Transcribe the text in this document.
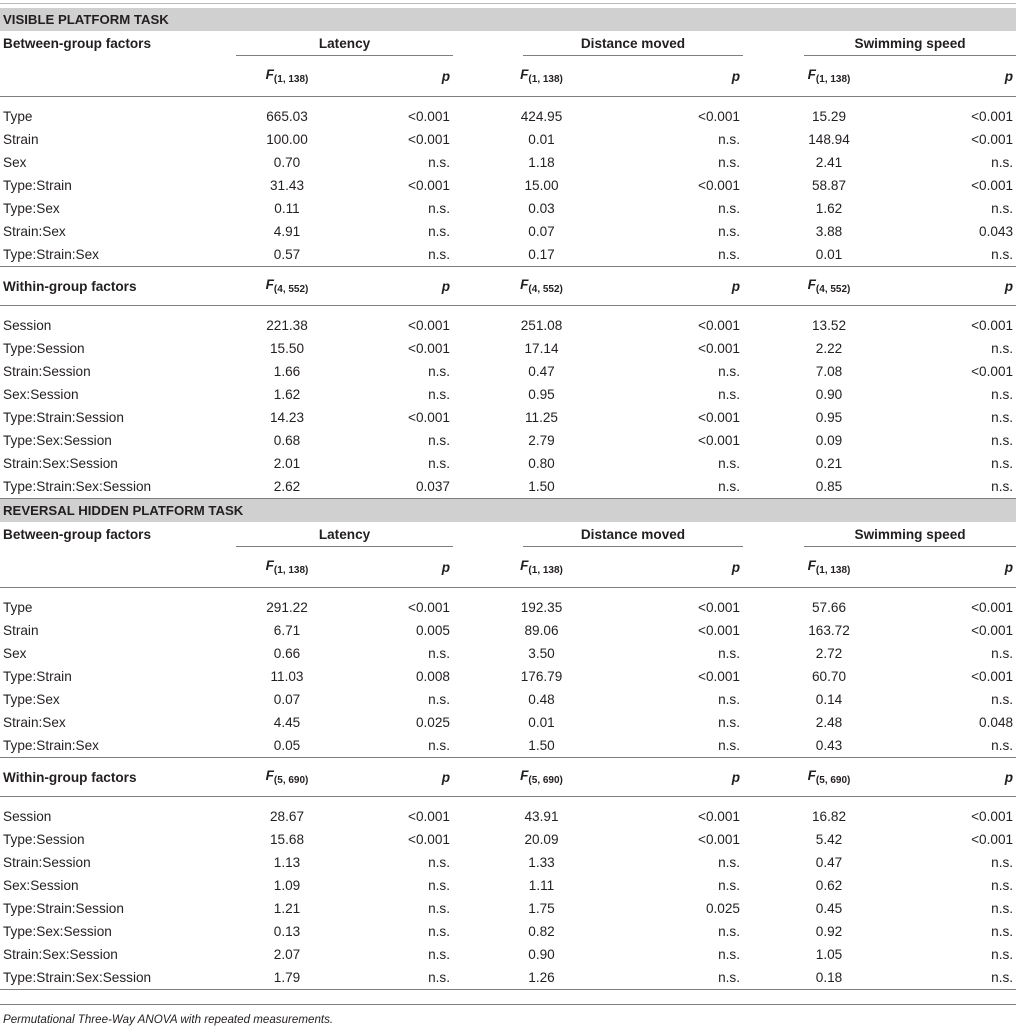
VISIBLE PLATFORM TASK								
Between-group factors	Latency			Distance moved			Swimming speed	
	$F_{(1, 138)}$	p	$F_{(1, 138)}$		p	$F_{(1, 138)}$		p

Type	665.03	<0.001	424.95		<0.001	15.29		<0.001
Strain	100.00	<0.001	0.01		n.s.	148.94		<0.001
Sex	0.70	n.s.	1.18		n.s.	2.41		n.s.
Type:Strain	31.43	<0.001	15.00		<0.001	58.87		<0.001
Type:Sex	0.11	n.s.	0.03		n.s.	1.62		n.s.
Strain:Sex	4.91	n.s.	0.07		n.s.	3.88		0.043
Type:Strain:Sex	0.57	n.s.	0.17		n.s.	0.01		n.s.
Within-group factors	$F_{(4, 552)}$	p	$F_{(4, 552)}$		p	$F_{(4, 552)}$		p

Session	221.38	<0.001	251.08		<0.001	13.52		<0.001
Type:Session	15.50	<0.001	17.14		<0.001	2.22		n.s.
Strain:Session	1.66	n.s.	0.47		n.s.	7.08		<0.001
Sex:Session	1.62	n.s.	0.95		n.s.	0.90		n.s.
Type:Strain:Session	14.23	<0.001	11.25		<0.001	0.95		n.s.
Type:Sex:Session	0.68	n.s.	2.79		<0.001	0.09		n.s.
Strain:Sex:Session	2.01	n.s.	0.80		n.s.	0.21		n.s.
Type:Strain:Sex:Session	2.62	0.037	1.50		n.s.	0.85		n.s.
REVERSAL HIDDEN PLATFORM TASK								
Between-group factors	Latency			Distance moved			Swimming speed	
	$F_{(1, 138)}$	p	$F_{(1, 138)}$		p	$F_{(1, 138)}$		p

Type	291.22	<0.001	192.35		<0.001	57.66		<0.001
Strain	6.71	0.005	89.06		<0.001	163.72		<0.001
Sex	0.66	n.s.	3.50		n.s.	2.72		n.s.
Type:Strain	11.03	0.008	176.79		<0.001	60.70		<0.001
Type:Sex	0.07	n.s.	0.48		n.s.	0.14		n.s.
Strain:Sex	4.45	0.025	0.01		n.s.	2.48		0.048
Type:Strain:Sex	0.05	n.s.	1.50		n.s.	0.43		n.s.
Within-group factors	$F_{(5, 690)}$	p	$F_{(5, 690)}$		p	$F_{(5, 690)}$		p

Session	28.67	<0.001	43.91		<0.001	16.82		<0.001
Type:Session	15.68	<0.001	20.09		<0.001	5.42		<0.001
Strain:Session	1.13	n.s.	1.33		n.s.	0.47		n.s.
Sex:Session	1.09	n.s.	1.11		n.s.	0.62		n.s.
Type:Strain:Session	1.21	n.s.	1.75		0.025	0.45		n.s.
Type:Sex:Session	0.13	n.s.	0.82		n.s.	0.92		n.s.
Strain:Sex:Session	2.07	n.s.	0.90		n.s.	1.05		n.s.
Type:Strain:Sex:Session	1.79	n.s.	1.26		n.s.	0.18		n.s.
Permutational Three-Way ANOVA with repeated measurements.
